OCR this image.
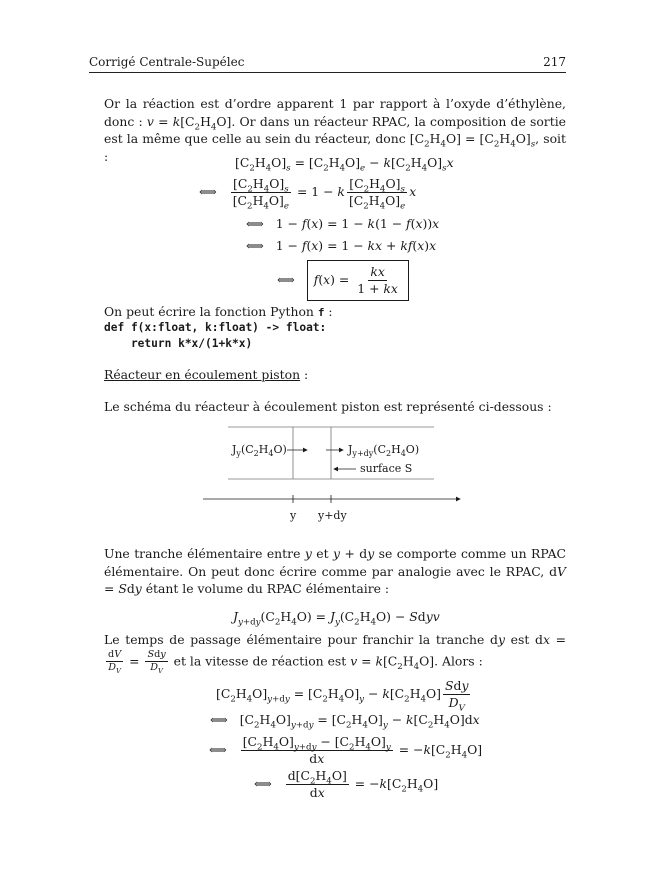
Corrigé Centrale-Supélec	217
Or la réaction est d’ordre apparent 1 par rapport à l’oxyde d’éthylène, donc : $v = k[C_2H_4O]$. Or dans un réacteur RPAC, la composition de sortie est la même que celle au sein du réacteur, donc $[C_2H_4O] = [C_2H_4O]_s$, soit :	$[C_2H_4O]_s = [C_2H_4O]_e - k[C_2H_4O]_sx$
⟺ $\frac{[C_2H_4O]_s}{[C_2H_4O]_e} = 1 - k \frac{[C_2H_4O]_s}{[C_2H_4O]_e}$ x
⟺ 1 − f(x) = 1 − k(1 − f(x))x
⟺ 1 − f(x) = 1 − kx + kf(x)x
⟺ $f(x) = \frac{kx}{1 + kx}$
On peut écrire la fonction Python f :
def f(x:float, k:float) -> float:
return k*x/(1+k*x)
Réacteur en écoulement piston :
Le schéma du réacteur à écoulement piston est représenté ci-dessous :
$J_y(C_2H_4O)$	$J_{y+dy}(C_2H_4O)$
surface S
y y+dy
Une tranche élémentaire entre y et y + dy se comporte comme un RPAC élémentaire. On peut donc écrire comme par analogie avec le RPAC, dV = Sdy étant le volume du RPAC élémentaire :
$J_{y+dy}(C_2H_4O) = J_y(C_2H_4O)$ − Sdyv
Le temps de passage élémentaire pour franchir la tranche dy est dx =
$\frac{dV}{D_V} = \frac{\text{Sdy}}{D_V}$ et la vitesse de réaction est $v = k[C_2H_4O]$. Alors :
$[C_2H_4O]_{y+dy} = [C_2H_4O]_y - k[C_2H_4O] \frac{\text{Sdy}}{D_V}$
⟺ $[C_2H_4O]_{y+dy} = [C_2H_4O]_y - k[C_2H_4O]dx$
⟺ $\frac{[C_2H_4O]_{y+dy} - [C_2H_4O]_y}{dx} = -k[C_2H_4O]$
⟺ $\frac{d[C_2H_4O]}{dx} = -k[C_2H_4O]$
